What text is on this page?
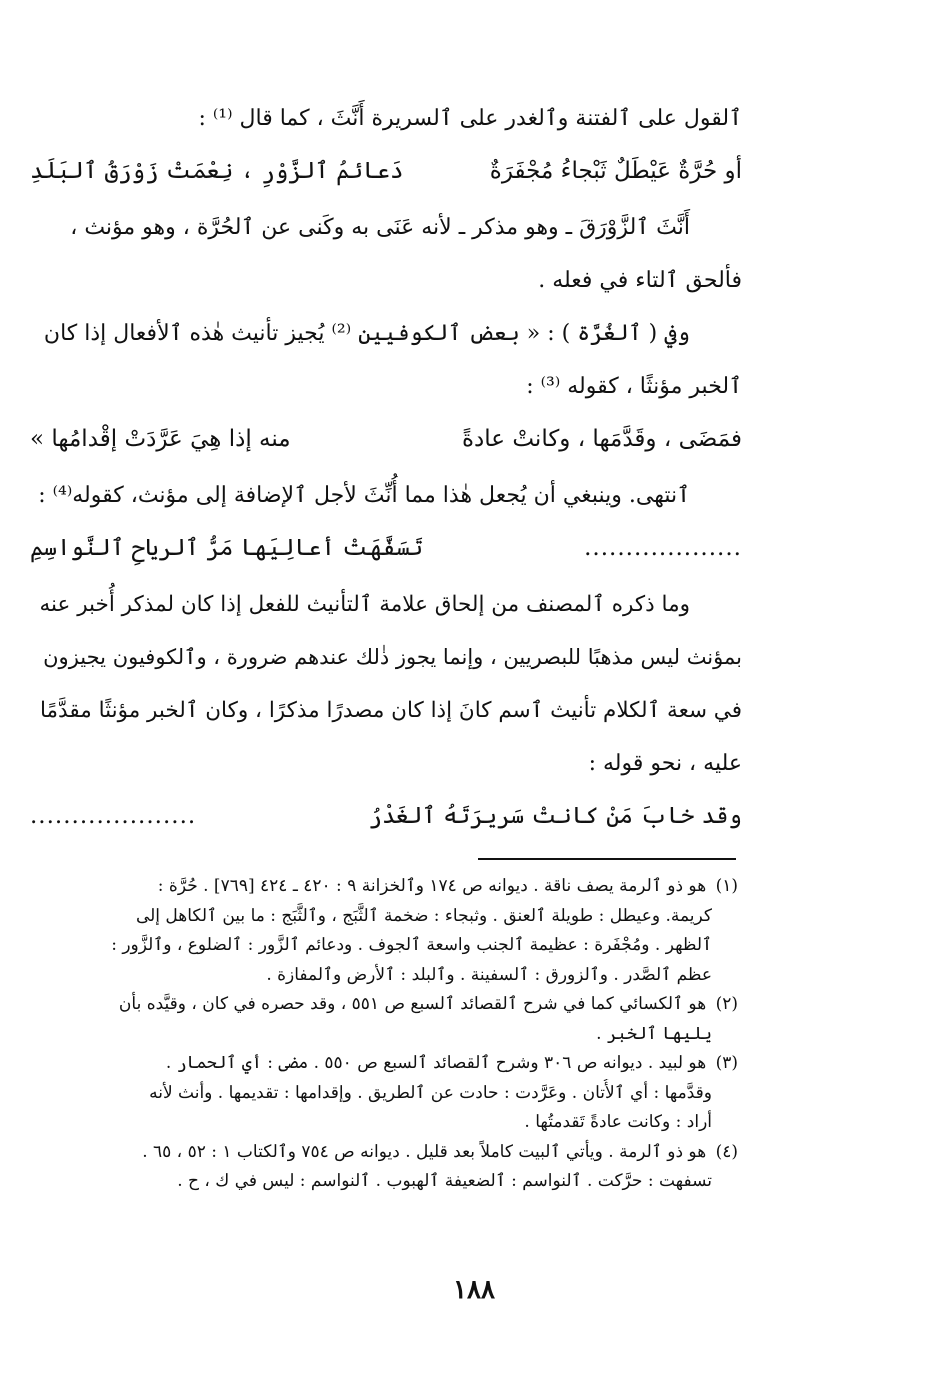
ٱلقول على ٱلفتنة وٱلغدر على ٱلسريرة أَنَّثَ ، كما قال ⁽¹⁾ :
أو حُرَّةٌ عَيْطَلٌ ثَبْجاءُ مُجْفَرَةٌ
دَعائمُ ٱلزَّوْرِ ، نِعْمَتْ زَوْرَقُ ٱلبَلَدِ
أَنَّثَ ٱلزَّوْرَقَ ـ وهو مذكر ـ لأنه عَنَى به وكَنى عن ٱلحُرَّة ، وهو مؤنث ،
فألحق ٱلتاء في فعله .
وفي ( ٱلغُرَّة ) : « بعض ٱلكوفيين ⁽²⁾ يُجيز تأنيث هٰذه ٱلأفعال إذا كان
ٱلخبر مؤنثًا ، كقوله ⁽³⁾ :
فمَضَى ، وقَدَّمَها ، وكانتْ عادةً
منه إذا هِيَ عَرَّدَتْ إقْدامُها »
ٱنتهى. وينبغي أن يُجعل هٰذا مما أُنِّثَ لأجل ٱلإضافة إلى مؤنث، كقوله⁽⁴⁾ :
...................
تَسَفَّهَتْ أعالِيَها مَرُّ ٱلرياحِ ٱلنَّواسِمِ
وما ذكره ٱلمصنف من إلحاق علامة ٱلتأنيث للفعل إذا كان لمذكر أُخبر عنه
بمؤنث ليس مذهبًا للبصريين ، وإنما يجوز ذٰلك عندهم ضرورة ، وٱلكوفيون يجيزون
في سعة ٱلكلام تأنيث ٱسم كانَ إذا كان مصدرًا مذكرًا ، وكان ٱلخبر مؤنثًا مقدَّمًا
عليه ، نحو قوله :
وقد خابَ مَنْ كانتْ سَريرَتَهُ ٱلغَدْرُ
....................
(١) هو ذو ٱلرمة يصف ناقة . ديوانه ص ١٧٤ وٱلخزانة ٩ : ٤٢٠ ـ ٤٢٤ [٧٦٩] . حُرَّة :
كريمة. وعيطل : طويلة ٱلعنق . وثبجاء : ضخمة ٱلثَّبَج ، وٱلثَّبَج : ما بين ٱلكاهل إلى
ٱلظهر . ومُجْفَرة : عظيمة ٱلجنب واسعة ٱلجوف . ودعائم ٱلزَّور : ٱلضلوع ، وٱلزَّور :
عظم ٱلصَّدر . وٱلزورق : ٱلسفينة . وٱلبلد : ٱلأرض وٱلمفازة .
(٢) هو ٱلكسائي كما في شرح ٱلقصائد ٱلسبع ص ٥٥١ ، وقد حصره في كان ، وقيَّده بأن
يليها ٱلخبر .
(٣) هو لبيد . ديوانه ص ٣٠٦ وشرح ٱلقصائد ٱلسبع ص ٥٥٠ . مضى : أي ٱلحمار .
وقدَّمها : أي ٱلأُتان . وعَرَّدت : حادت عن ٱلطريق . وإقدامها : تقديمها . وأنث لأنه
أراد : وكانت عادةً تَقدمتُها .
(٤) هو ذو ٱلرمة . ويأتي ٱلبيت كاملاً بعد قليل . ديوانه ص ٧٥٤ وٱلكتاب ١ : ٥٢ ، ٦٥ .
تسفهت : حرَّكت . ٱلنواسم : ٱلضعيفة ٱلهبوب . ٱلنواسم : ليس في ك ، ح .
١٨٨
